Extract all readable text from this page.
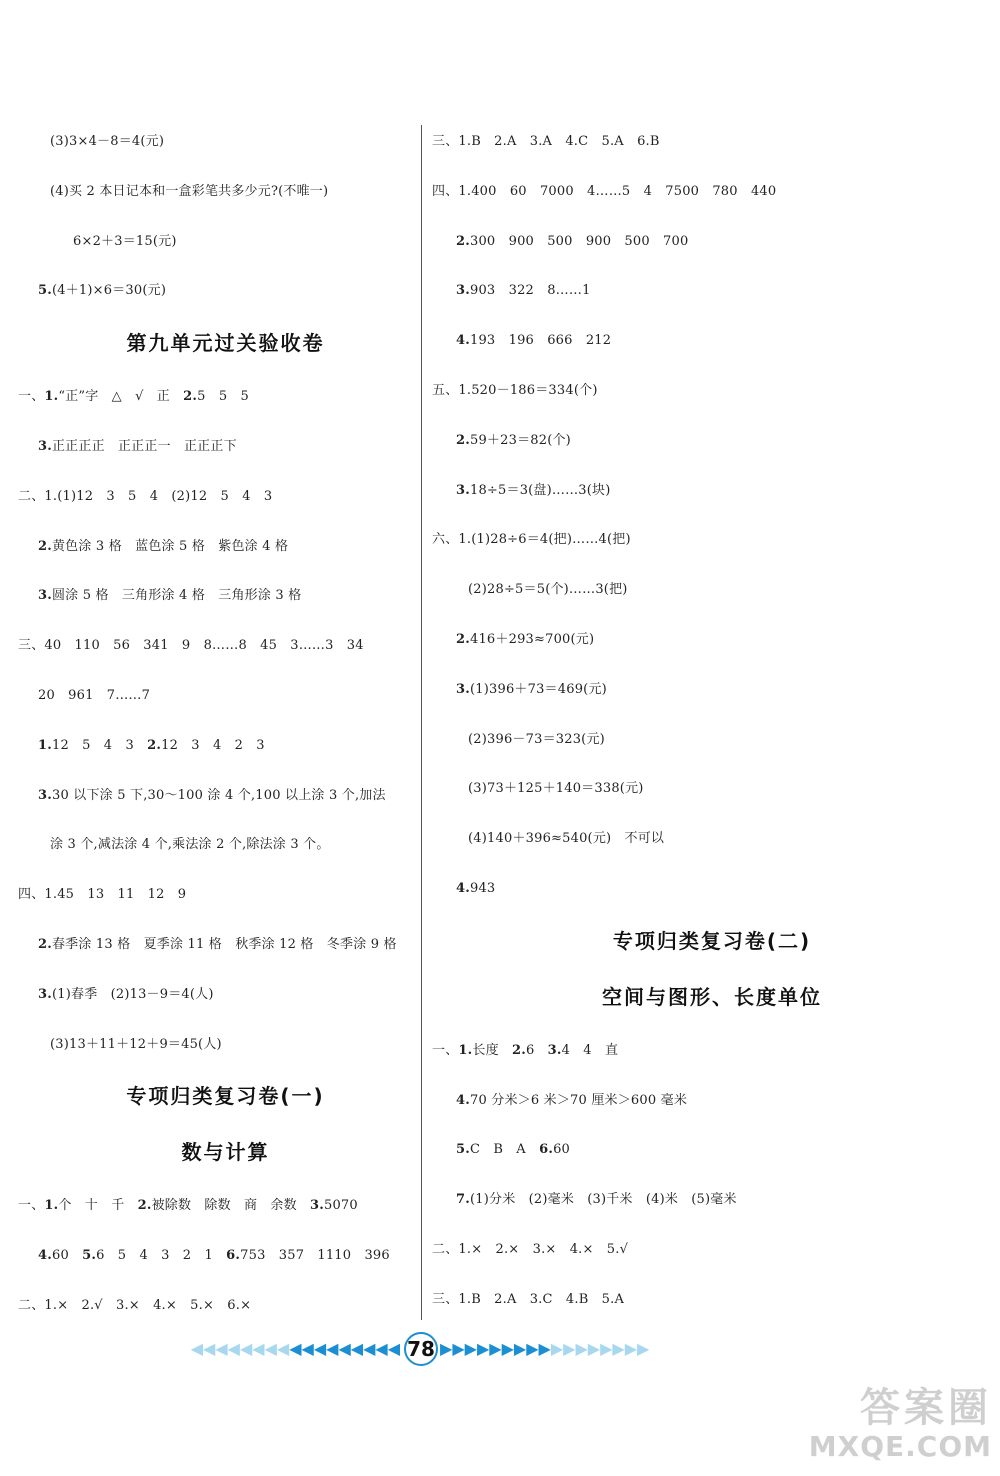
(3)3×4－8＝4(元)
(4)买 2 本日记本和一盒彩笔共多少元?(不唯一)
6×2＋3＝15(元)
5.(4＋1)×6＝30(元)
第九单元过关验收卷
一、1.“正”字　△　√　正　2.5　5　5
3.正正正正　正正正一　正正正下
二、1.(1)12　3　5　4　(2)12　5　4　3
2.黄色涂 3 格　蓝色涂 5 格　紫色涂 4 格
3.圆涂 5 格　三角形涂 4 格　三角形涂 3 格
三、40　110　56　341　9　8……8　45　3……3　34
20　961　7……7
1.12　5　4　3　2.12　3　4　2　3
3.30 以下涂 5 下,30～100 涂 4 个,100 以上涂 3 个,加法
涂 3 个,减法涂 4 个,乘法涂 2 个,除法涂 3 个。
四、1.45　13　11　12　9
2.春季涂 13 格　夏季涂 11 格　秋季涂 12 格　冬季涂 9 格
3.(1)春季　(2)13－9＝4(人)
(3)13＋11＋12＋9＝45(人)
专项归类复习卷(一)
数与计算
一、1.个　十　千　2.被除数　除数　商　余数　3.5070
4.60　5.6　5　4　3　2　1　6.753　357　1110　396
二、1.×　2.√　3.×　4.×　5.×　6.×
三、1.B　2.A　3.A　4.C　5.A　6.B
四、1.400　60　7000　4……5　4　7500　780　440
2.300　900　500　900　500　700
3.903　322　8……1
4.193　196　666　212
五、1.520－186＝334(个)
2.59＋23＝82(个)
3.18÷5＝3(盘)……3(块)
六、1.(1)28÷6＝4(把)……4(把)
(2)28÷5＝5(个)……3(把)
2.416＋293≈700(元)
3.(1)396＋73＝469(元)
(2)396－73＝323(元)
(3)73＋125＋140＝338(元)
(4)140＋396≈540(元)　不可以
4.943
专项归类复习卷(二)
空间与图形、长度单位
一、1.长度　2.6　3.4　4　直
4.70 分米＞6 米＞70 厘米＞600 毫米
5.C　B　A　6.60
7.(1)分米　(2)毫米　(3)千米　(4)米　(5)毫米
二、1.×　2.×　3.×　4.×　5.√
三、1.B　2.A　3.C　4.B　5.A
◀◀◀◀◀◀◀◀◀◀◀◀◀◀◀◀◀ 78 ▶▶▶▶▶▶▶▶▶▶▶▶▶▶▶▶▶
答案圈
MXQE.COM
